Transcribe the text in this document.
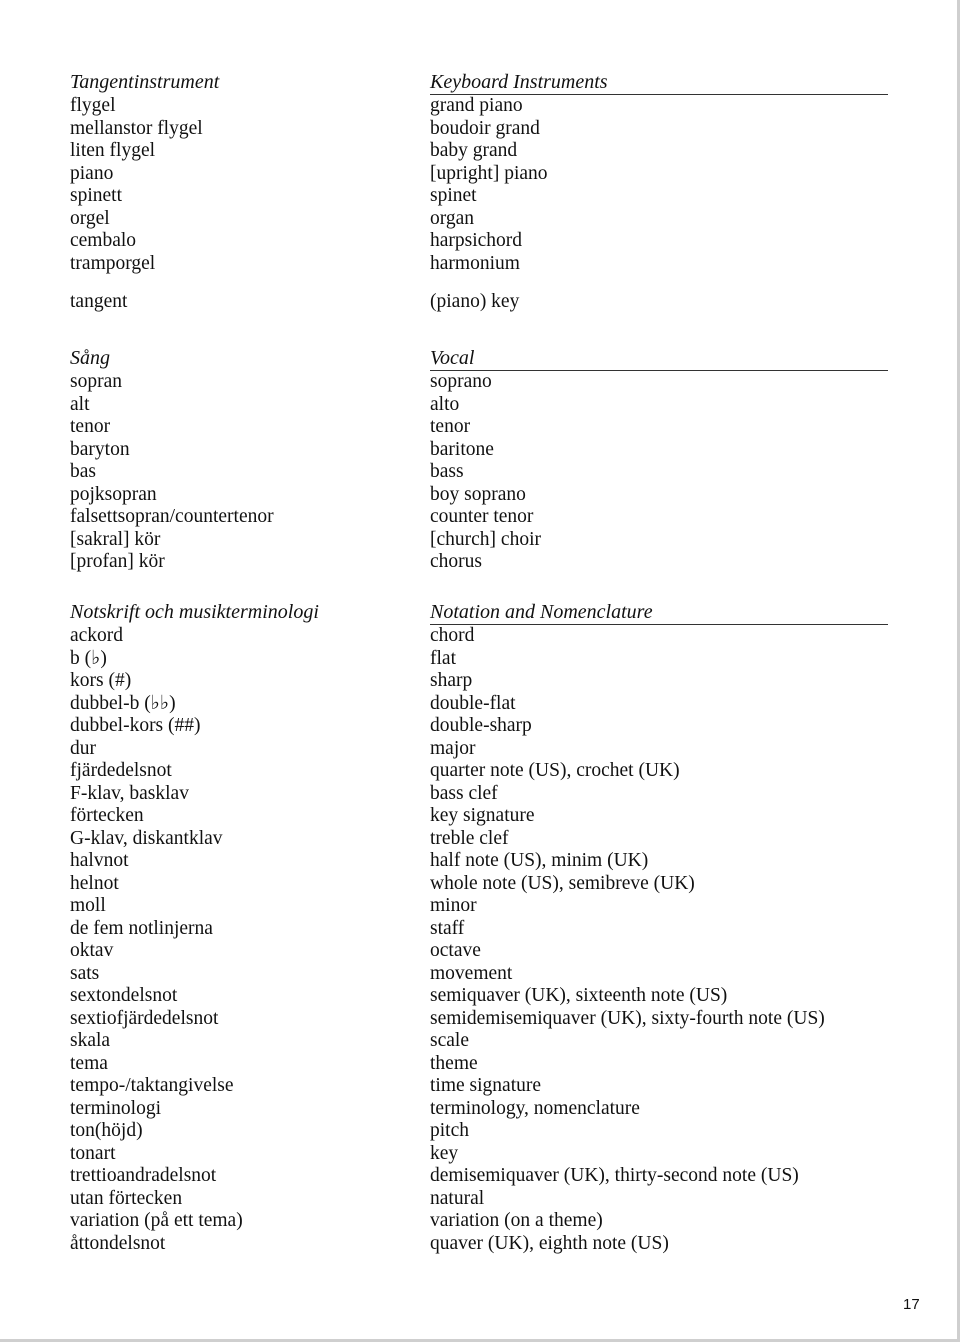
Tangentinstrument	Keyboard Instruments
flygel	grand piano
mellanstor flygel	boudoir grand
liten flygel	baby grand
piano	[upright] piano
spinett	spinet
orgel	organ
cembalo	harpsichord
tramporgel	harmonium
tangent	(piano) key
Sång	Vocal
sopran	soprano
alt	alto
tenor	tenor
baryton	baritone
bas	bass
pojksopran	boy soprano
falsettsopran/countertenor	counter tenor
[sakral] kör	[church] choir
[profan] kör	chorus
Notskrift och musikterminologi	Notation and Nomenclature
ackord	chord
b (♭)	flat
kors (#)	sharp
dubbel-b (♭♭)	double-flat
dubbel-kors (##)	double-sharp
dur	major
fjärdedelsnot	quarter note (US), crochet (UK)
F-klav, basklav	bass clef
förtecken	key signature
G-klav, diskantklav	treble clef
halvnot	half note (US), minim (UK)
helnot	whole note (US), semibreve (UK)
moll	minor
de fem notlinjerna	staff
oktav	octave
sats	movement
sextondelsnot	semiquaver (UK), sixteenth note (US)
sextiofjärdedelsnot	semidemisemiquaver (UK), sixty-fourth note (US)
skala	scale
tema	theme
tempo-/taktangivelse	time signature
terminologi	terminology, nomenclature
ton(höjd)	pitch
tonart	key
trettioandradelsnot	demisemiquaver (UK), thirty-second note (US)
utan förtecken	natural
variation (på ett tema)	variation (on a theme)
åttondelsnot	quaver (UK), eighth note (US)
17
